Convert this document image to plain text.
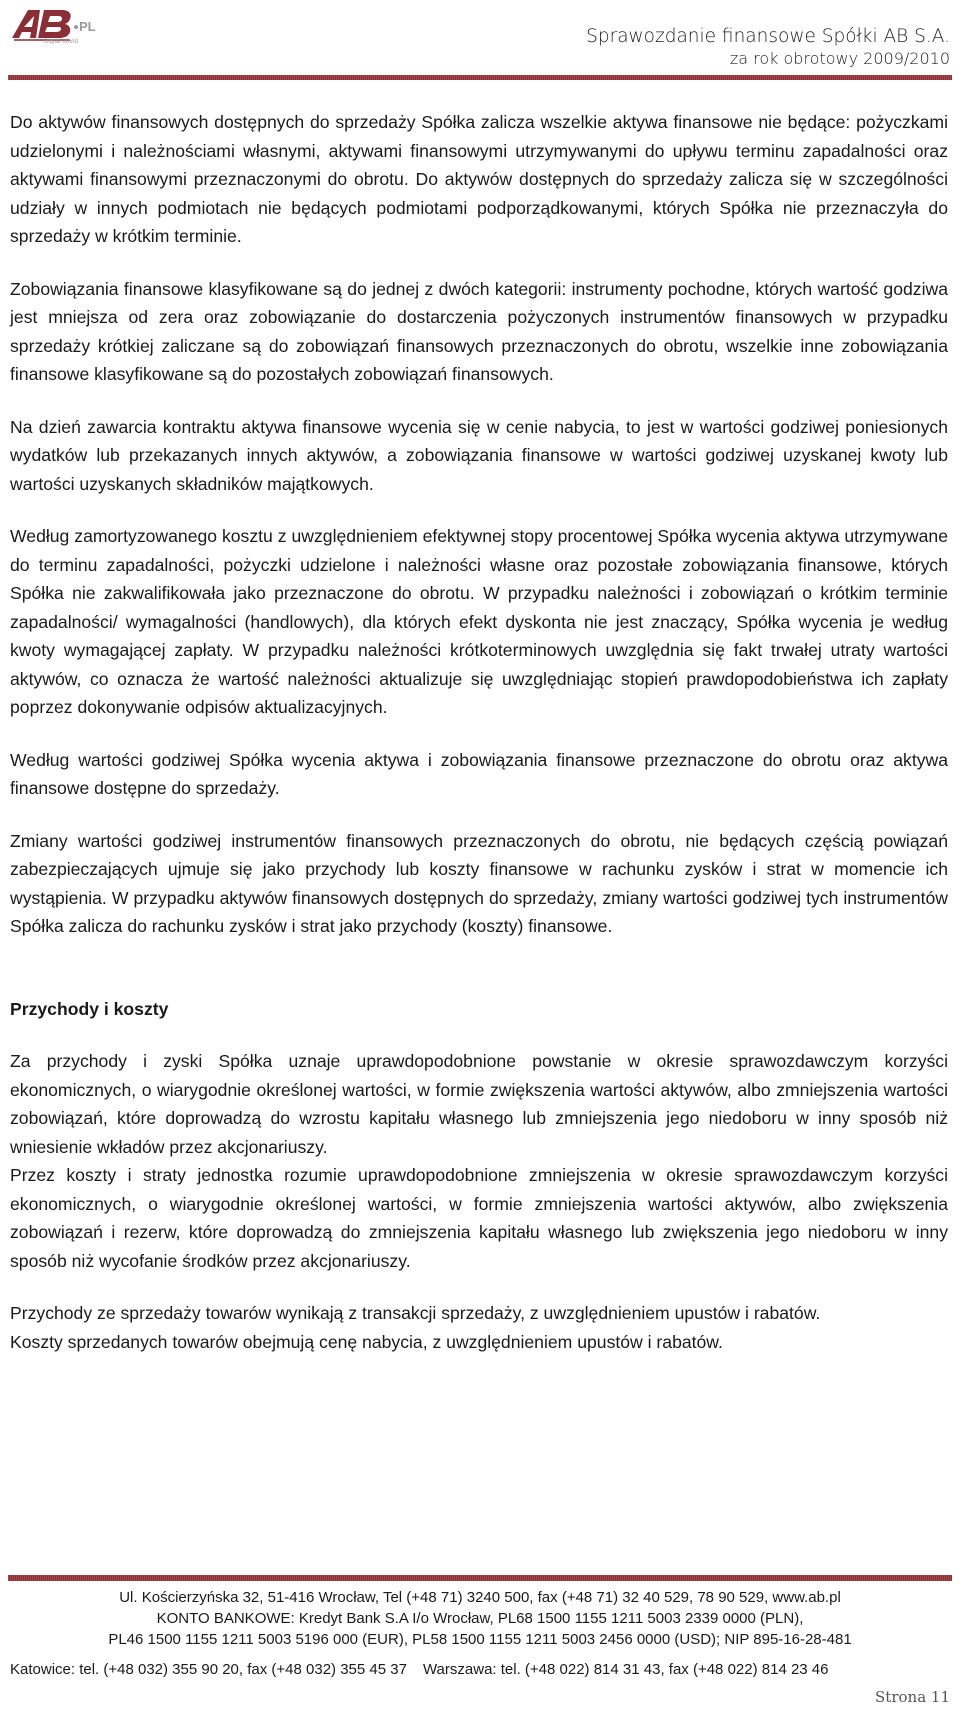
PL
Digital World	Sprawozdanie finansowe Spółki AB S.A.
za rok obrotowy 2009/2010

Do aktywów finansowych dostępnych do sprzedaży Spółka zalicza wszelkie aktywa finansowe nie będące: pożyczkami udzielonymi i należnościami własnymi, aktywami finansowymi utrzymywanymi do upływu terminu zapadalności oraz aktywami finansowymi przeznaczonymi do obrotu. Do aktywów dostępnych do sprzedaży zalicza się w szczególności udziały w innych podmiotach nie będących podmiotami podporządkowanymi, których Spółka nie przeznaczyła do sprzedaży w krótkim terminie.

Zobowiązania finansowe klasyfikowane są do jednej z dwóch kategorii: instrumenty pochodne, których wartość godziwa jest mniejsza od zera oraz zobowiązanie do dostarczenia pożyczonych instrumentów finansowych w przypadku sprzedaży krótkiej zaliczane są do zobowiązań finansowych przeznaczonych do obrotu, wszelkie inne zobowiązania finansowe klasyfikowane są do pozostałych zobowiązań finansowych.

Na dzień zawarcia kontraktu aktywa finansowe wycenia się w cenie nabycia, to jest w wartości godziwej poniesionych wydatków lub przekazanych innych aktywów, a zobowiązania finansowe w wartości godziwej uzyskanej kwoty lub wartości uzyskanych składników majątkowych.

Według zamortyzowanego kosztu z uwzględnieniem efektywnej stopy procentowej Spółka wycenia aktywa utrzymywane do terminu zapadalności, pożyczki udzielone i należności własne oraz pozostałe zobowiązania finansowe, których Spółka nie zakwalifikowała jako przeznaczone do obrotu. W przypadku należności i zobowiązań o krótkim terminie zapadalności/ wymagalności (handlowych), dla których efekt dyskonta nie jest znaczący, Spółka wycenia je według kwoty wymagającej zapłaty. W przypadku należności krótkoterminowych uwzględnia się fakt trwałej utraty wartości aktywów, co oznacza że wartość należności aktualizuje się uwzględniając stopień prawdopodobieństwa ich zapłaty poprzez dokonywanie odpisów aktualizacyjnych.

Według wartości godziwej Spółka wycenia aktywa i zobowiązania finansowe przeznaczone do obrotu oraz aktywa finansowe dostępne do sprzedaży.

Zmiany wartości godziwej instrumentów finansowych przeznaczonych do obrotu, nie będących częścią powiązań zabezpieczających ujmuje się jako przychody lub koszty finansowe w rachunku zysków i strat w momencie ich wystąpienia. W przypadku aktywów finansowych dostępnych do sprzedaży, zmiany wartości godziwej tych instrumentów Spółka zalicza do rachunku zysków i strat jako przychody (koszty) finansowe.

Przychody i koszty

Za przychody i zyski Spółka uznaje uprawdopodobnione powstanie w okresie sprawozdawczym korzyści ekonomicznych, o wiarygodnie określonej wartości, w formie zwiększenia wartości aktywów, albo zmniejszenia wartości zobowiązań, które doprowadzą do wzrostu kapitału własnego lub zmniejszenia jego niedoboru w inny sposób niż wniesienie wkładów przez akcjonariuszy.

Przez koszty i straty jednostka rozumie uprawdopodobnione zmniejszenia w okresie sprawozdawczym korzyści ekonomicznych, o wiarygodnie określonej wartości, w formie zmniejszenia wartości aktywów, albo zwiększenia zobowiązań i rezerw, które doprowadzą do zmniejszenia kapitału własnego lub zwiększenia jego niedoboru w inny sposób niż wycofanie środków przez akcjonariuszy.

Przychody ze sprzedaży towarów wynikają z transakcji sprzedaży, z uwzględnieniem upustów i rabatów.

Koszty sprzedanych towarów obejmują cenę nabycia, z uwzględnieniem upustów i rabatów.

Ul. Kościerzyńska 32, 51-416 Wrocław, Tel (+48 71) 3240 500, fax (+48 71) 32 40 529, 78 90 529, www.ab.pl
KONTO BANKOWE: Kredyt Bank S.A I/o Wrocław, PL68 1500 1155 1211 5003 2339 0000 (PLN),
PL46 1500 1155 1211 5003 5196 000 (EUR), PL58 1500 1155 1211 5003 2456 0000 (USD); NIP 895-16-28-481
Katowice: tel. (+48 032) 355 90 20, fax (+48 032) 355 45 37 Warszawa: tel. (+48 022) 814 31 43, fax (+48 022) 814 23 46
Strona 11
